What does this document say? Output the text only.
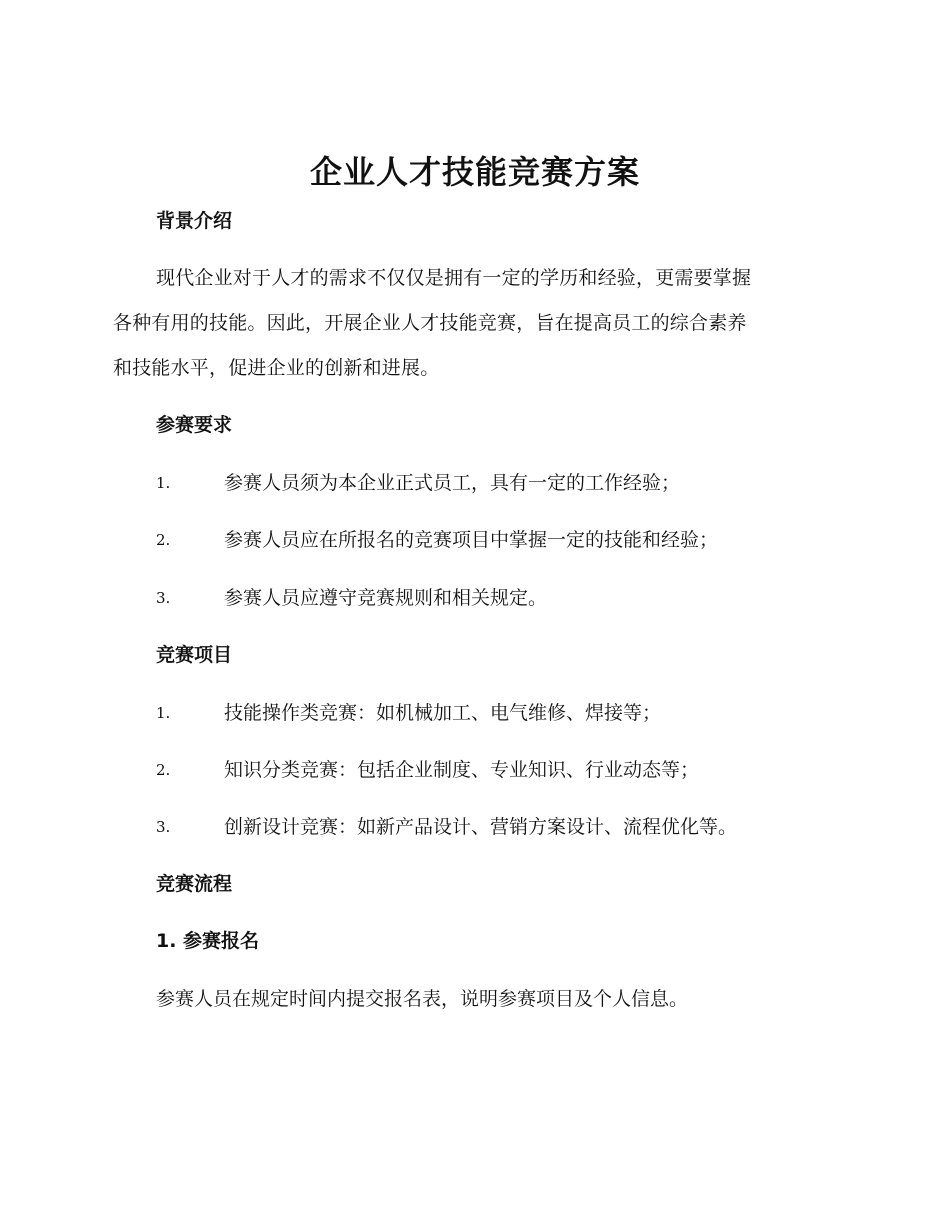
企业人才技能竞赛方案
背景介绍
现代企业对于人才的需求不仅仅是拥有一定的学历和经验，更需要掌握
各种有用的技能。因此，开展企业人才技能竞赛，旨在提高员工的综合素养
和技能水平，促进企业的创新和进展。
参赛要求
1.	参赛人员须为本企业正式员工，具有一定的工作经验；
2.	参赛人员应在所报名的竞赛项目中掌握一定的技能和经验；
3.	参赛人员应遵守竞赛规则和相关规定。
竞赛项目
1.	技能操作类竞赛：如机械加工、电气维修、焊接等；
2.	知识分类竞赛：包括企业制度、专业知识、行业动态等；
3.	创新设计竞赛：如新产品设计、营销方案设计、流程优化等。
竞赛流程
1. 参赛报名
参赛人员在规定时间内提交报名表，说明参赛项目及个人信息。
